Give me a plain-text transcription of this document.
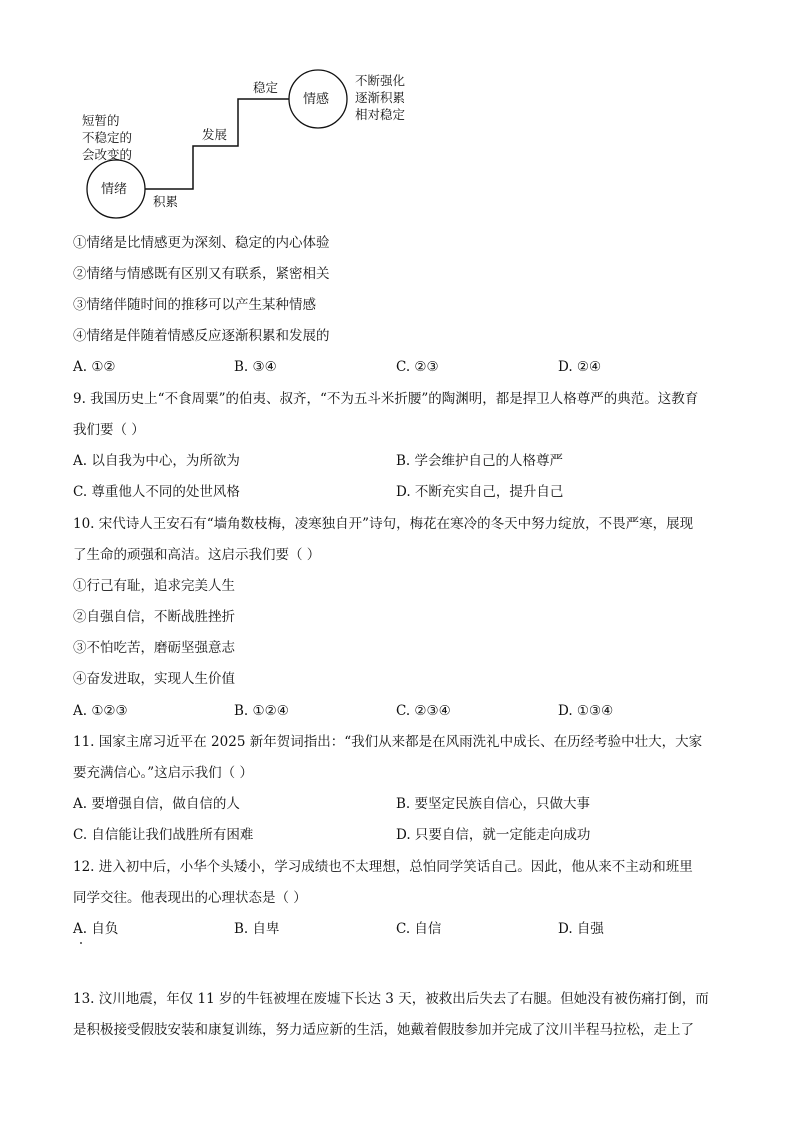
情绪
情感
短暂的
不稳定的
会改变的
不断强化
逐渐积累
相对稳定
积累
发展
稳定
①情绪是比情感更为深刻、稳定的内心体验
②情绪与情感既有区别又有联系，紧密相关
③情绪伴随时间的推移可以产生某种情感
④情绪是伴随着情感反应逐渐积累和发展的
A. ①②	B. ③④	C. ②③	D. ②④
9. 我国历史上“不食周粟”的伯夷、叔齐，“不为五斗米折腰”的陶渊明，都是捍卫人格尊严的典范。这教育
我们要（ ）
A. 以自我为中心，为所欲为	B. 学会维护自己的人格尊严
C. 尊重他人不同的处世风格	D. 不断充实自己，提升自己
10. 宋代诗人王安石有“墙角数枝梅，凌寒独自开”诗句，梅花在寒冷的冬天中努力绽放，不畏严寒，展现
了生命的顽强和高洁。这启示我们要（ ）
①行己有耻，追求完美人生
②自强自信，不断战胜挫折
③不怕吃苦，磨砺坚强意志
④奋发进取，实现人生价值
A. ①②③	B. ①②④	C. ②③④	D. ①③④
11. 国家主席习近平在 2025 新年贺词指出：“我们从来都是在风雨洗礼中成长、在历经考验中壮大，大家
要充满信心。”这启示我们（ ）
A. 要增强自信，做自信的人	B. 要坚定民族自信心，只做大事
C. 自信能让我们战胜所有困难	D. 只要自信，就一定能走向成功
12. 进入初中后，小华个头矮小，学习成绩也不太理想，总怕同学笑话自己。因此，他从来不主动和班里
同学交往。他表现出的心理状态是（ ）
A. 自负	B. 自卑	C. 自信	D. 自强
13. 汶川地震，年仅 11 岁的牛钰被埋在废墟下长达 3 天，被救出后失去了右腿。但她没有被伤痛打倒，而
是积极接受假肢安装和康复训练，努力适应新的生活，她戴着假肢参加并完成了汶川半程马拉松，走上了
